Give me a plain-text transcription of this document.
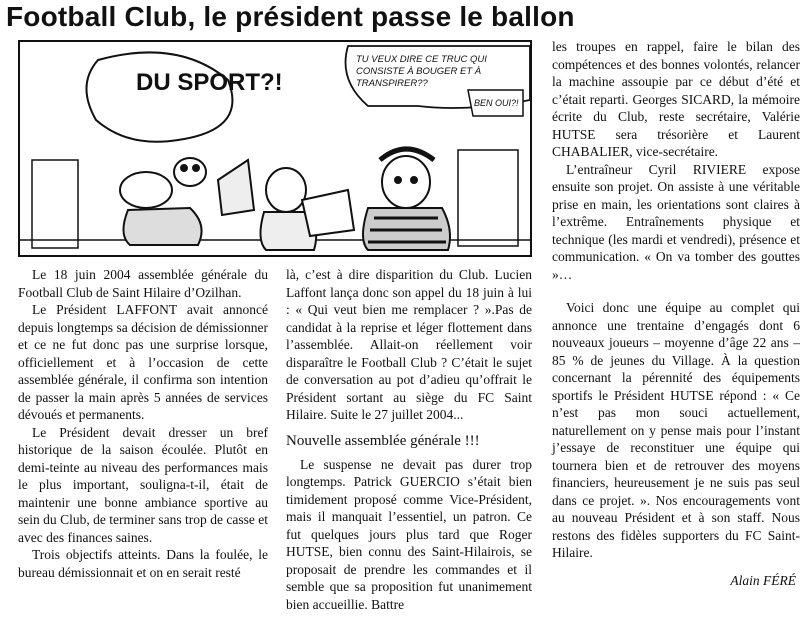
Football Club, le président passe le ballon
DU SPORT?!
TU VEUX DIRE CE TRUC QUI CONSISTE À BOUGER ET À TRANSPIRER??
BEN OUI?!

Le 18 juin 2004 assemblée générale du Football Club de Saint Hilaire d’Ozilhan.

Le Président LAFFONT avait annoncé depuis longtemps sa décision de démissionner et ce ne fut donc pas une surprise lorsque, officiellement et à l’occasion de cette assemblée générale, il confirma son intention de passer la main après 5 années de services dévoués et permanents.

Le Président devait dresser un bref historique de la saison écoulée. Plutôt en demi-teinte au niveau des performances mais le plus important, souligna-t-il, était de maintenir une bonne ambiance sportive au sein du Club, de terminer sans trop de casse et avec des finances saines.

Trois objectifs atteints. Dans la foulée, le bureau démissionnait et on en serait resté

là, c’est à dire disparition du Club. Lucien Laffont lança donc son appel du 18 juin à lui : « Qui veut bien me remplacer ? ».Pas de candidat à la reprise et léger flottement dans l’assemblée. Allait-on réellement voir disparaître le Football Club ? C’était le sujet de conversation au pot d’adieu qu’offrait le Président sortant au siège du FC Saint Hilaire. Suite le 27 juillet 2004...

Nouvelle assemblée générale !!!

Le suspense ne devait pas durer trop longtemps. Patrick GUERCIO s’était bien timidement proposé comme Vice-Président, mais il manquait l’essentiel, un patron. Ce fut quelques jours plus tard que Roger HUTSE, bien connu des Saint-Hilairois, se proposait de prendre les commandes et il semble que sa proposition fut unanimement bien accueillie. Battre

les troupes en rappel, faire le bilan des compétences et des bonnes volontés, relancer la machine assoupie par ce début d’été et c’était reparti. Georges SICARD, la mémoire écrite du Club, reste secrétaire, Valérie HUTSE sera trésorière et Laurent CHABALIER, vice-secrétaire.

L’entraîneur Cyril RIVIERE expose ensuite son projet. On assiste à une véritable prise en main, les orientations sont claires à l’extrême. Entraînements physique et technique (les mardi et vendredi), présence et communication. « On va tomber des gouttes »…

Voici donc une équipe au complet qui annonce une trentaine d’engagés dont 6 nouveaux joueurs – moyenne d’âge 22 ans – 85 % de jeunes du Village. À la question concernant la pérennité des équipements sportifs le Président HUTSE répond : « Ce n’est pas mon souci actuellement, naturellement on y pense mais pour l’instant j’essaye de reconstituer une équipe qui tournera bien et de retrouver des moyens financiers, heureusement je ne suis pas seul dans ce projet. ». Nos encouragements vont au nouveau Président et à son staff. Nous restons des fidèles supporters du FC Saint-Hilaire.

Alain FÉRÉ
